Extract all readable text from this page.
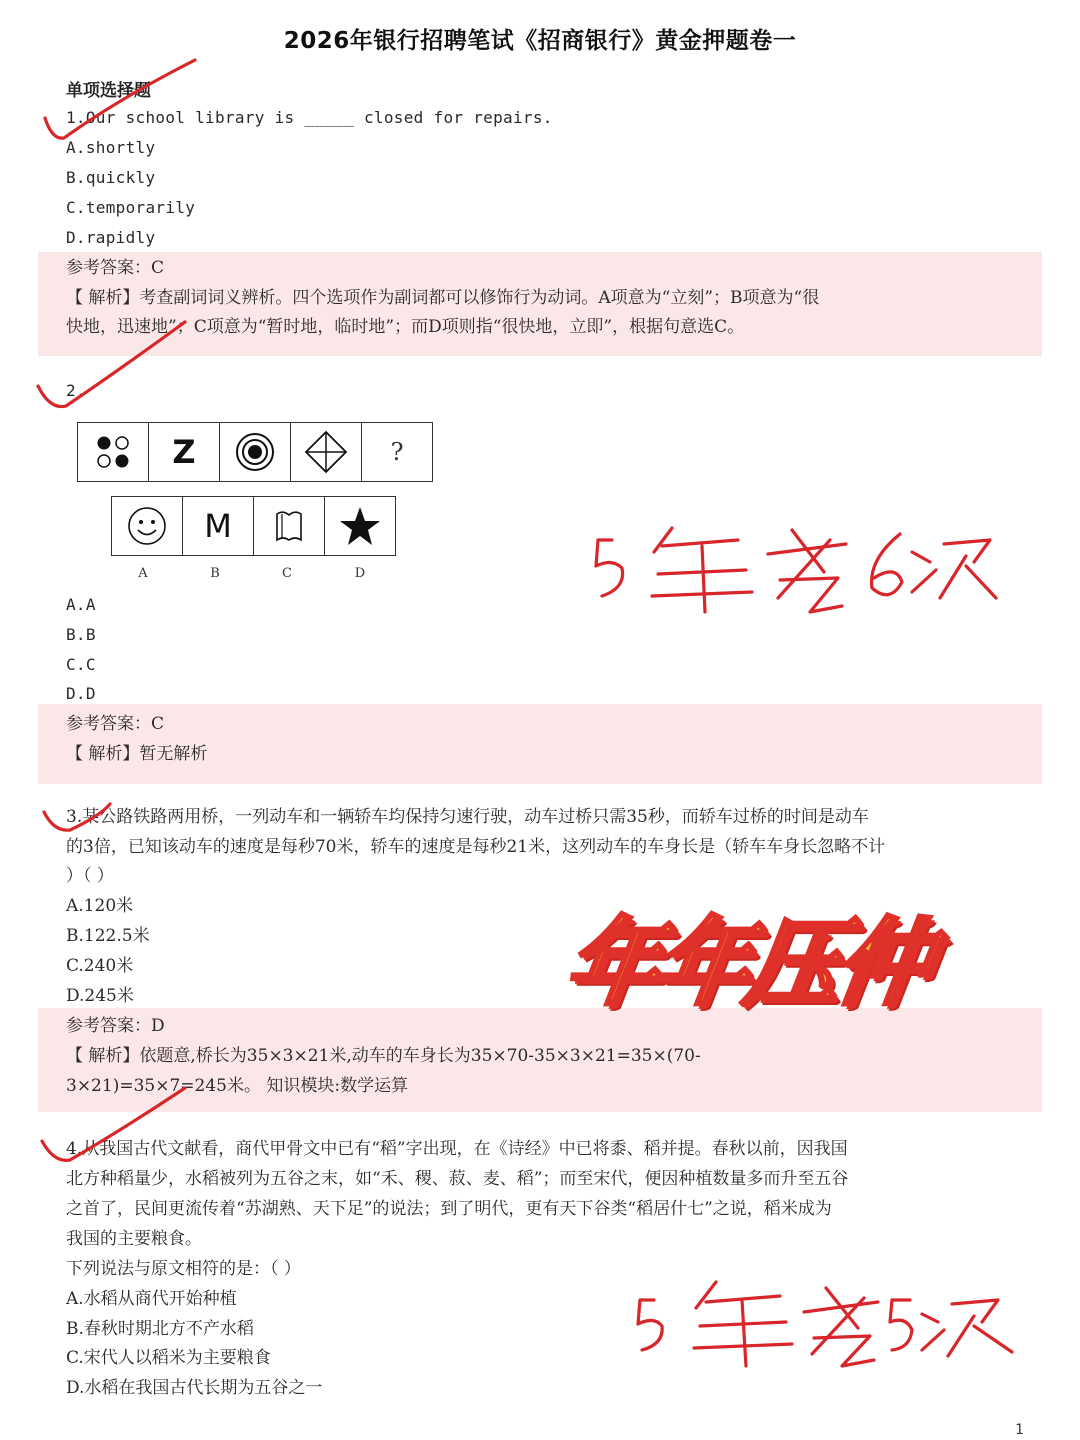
2026年银行招聘笔试《招商银行》黄金押题卷一
单项选择题
1.Our school library is _____ closed for repairs.
A.shortly
B.quickly
C.temporarily
D.rapidly
参考答案：C
【 解析】考查副词词义辨析。四个选项作为副词都可以修饰行为动词。A项意为“立刻”；B项意为“很
快地，迅速地”；C项意为“暂时地，临时地”；而D项则指“很快地，立即”，根据句意选C。
2.
Z	?
M
A	B	C	D
A.A
B.B
C.C
D.D
参考答案：C
【 解析】暂无解析
3.某公路铁路两用桥，一列动车和一辆轿车均保持匀速行驶，动车过桥只需35秒，而轿车过桥的时间是动车
的3倍，已知该动车的速度是每秒70米，轿车的速度是每秒21米，这列动车的车身长是（轿车车身长忽略不计
）（ ）
A.120米
B.122.5米
C.240米
D.245米
参考答案：D
【 解析】依题意,桥长为35×3×21米,动车的车身长为35×70-35×3×21=35×(70-
3×21)=35×7=245米。 知识模块:数学运算
年年压仲
4.从我国古代文献看，商代甲骨文中已有“稻”字出现，在《诗经》中已将黍、稻并提。春秋以前，因我国
北方种稻量少，水稻被列为五谷之末，如“禾、稷、菽、麦、稻”；而至宋代，便因种植数量多而升至五谷
之首了，民间更流传着“苏湖熟、天下足”的说法；到了明代，更有天下谷类“稻居什七”之说，稻米成为
我国的主要粮食。
下列说法与原文相符的是：（ ）
A.水稻从商代开始种植
B.春秋时期北方不产水稻
C.宋代人以稻米为主要粮食
D.水稻在我国古代长期为五谷之一
1
